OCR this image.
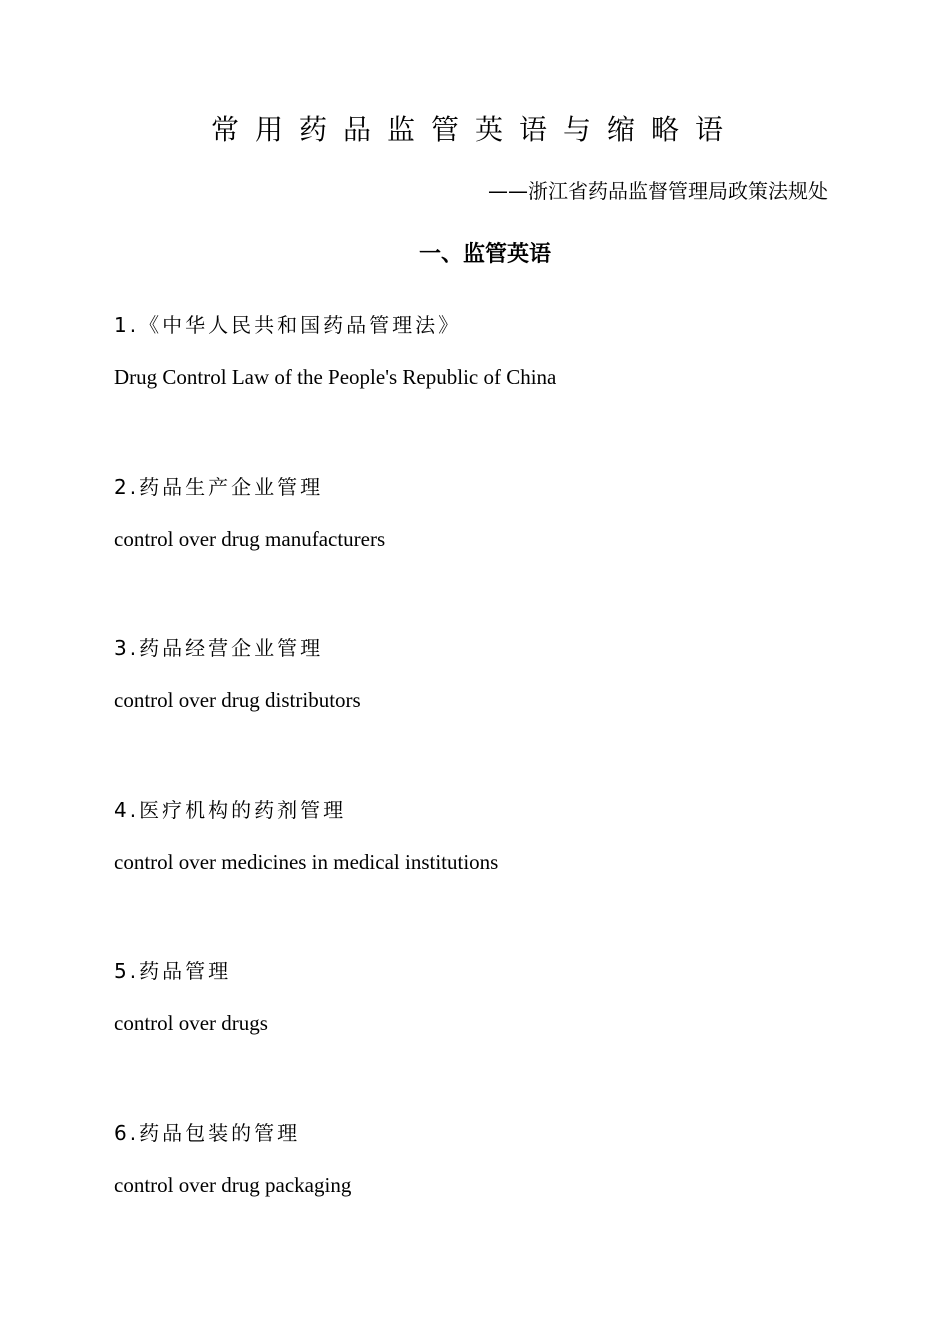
常用药品监管英语与缩略语
——浙江省药品监督管理局政策法规处
一、监管英语
1.《中华人民共和国药品管理法》
Drug Control Law of the People's Republic of China
2.药品生产企业管理
control over drug manufacturers
3.药品经营企业管理
control over drug distributors
4.医疗机构的药剂管理
control over medicines in medical institutions
5.药品管理
control over drugs
6.药品包装的管理
control over drug packaging
